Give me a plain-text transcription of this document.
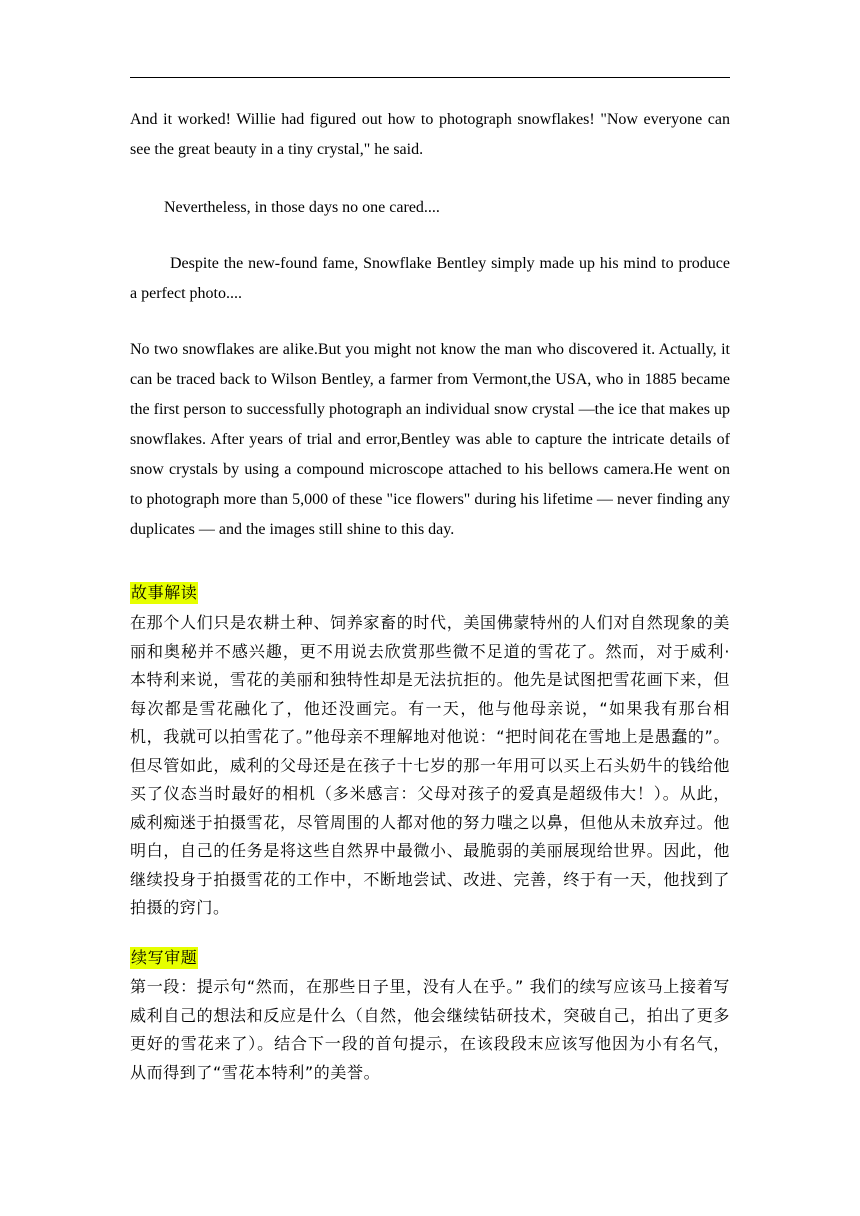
And it worked! Willie had figured out how to photograph snowflakes! "Now everyone can see the great beauty in a tiny crystal," he said.

Nevertheless, in those days no one cared....

Despite the new-found fame, Snowflake Bentley simply made up his mind to produce a perfect photo....

No two snowflakes are alike.But you might not know the man who discovered it. Actually, it can be traced back to Wilson Bentley, a farmer from Vermont,the USA, who in 1885 became the first person to successfully photograph an individual snow crystal —the ice that makes up snowflakes. After years of trial and error,Bentley was able to capture the intricate details of snow crystals by using a compound microscope attached to his bellows camera.He went on to photograph more than 5,000 of these "ice flowers" during his lifetime — never finding any duplicates — and the images still shine to this day.

故事解读

在那个人们只是农耕土种、饲养家畜的时代，美国佛蒙特州的人们对自然现象的美丽和奥秘并不感兴趣，更不用说去欣赏那些微不足道的雪花了。然而，对于威利·本特利来说，雪花的美丽和独特性却是无法抗拒的。他先是试图把雪花画下来，但每次都是雪花融化了，他还没画完。有一天，他与他母亲说，“如果我有那台相机，我就可以拍雪花了。”他母亲不理解地对他说：“把时间花在雪地上是愚蠢的”。但尽管如此，威利的父母还是在孩子十七岁的那一年用可以买上石头奶牛的钱给他买了仪态当时最好的相机（多米感言：父母对孩子的爱真是超级伟大！）。从此，威利痴迷于拍摄雪花，尽管周围的人都对他的努力嗤之以鼻，但他从未放弃过。他明白，自己的任务是将这些自然界中最微小、最脆弱的美丽展现给世界。因此，他继续投身于拍摄雪花的工作中，不断地尝试、改进、完善，终于有一天，他找到了拍摄的窍门。

续写审题

第一段：提示句“然而，在那些日子里，没有人在乎。” 我们的续写应该马上接着写威利自己的想法和反应是什么（自然，他会继续钻研技术，突破自己，拍出了更多更好的雪花来了）。结合下一段的首句提示，在该段段末应该写他因为小有名气，从而得到了“雪花本特利”的美誉。
